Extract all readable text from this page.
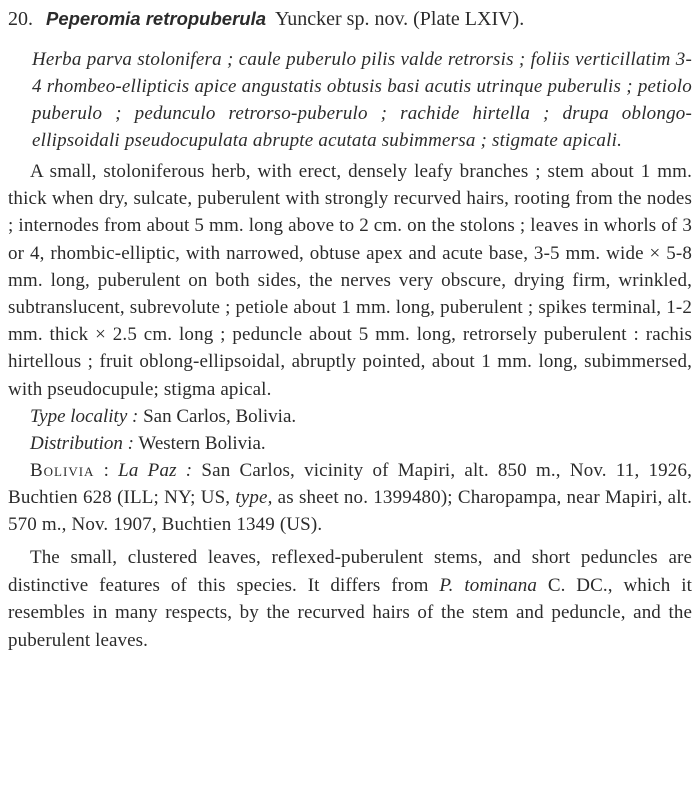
20. Peperomia retropuberula Yuncker sp. nov. (Plate LXIV).
Herba parva stolonifera ; caule puberulo pilis valde retrorsis ; foliis verticillatim 3-4 rhombeo-ellipticis apice angustatis obtusis basi acutis utrinque puberulis ; petiolo puberulo ; pedunculo retrorso-puberulo ; rachide hirtella ; drupa oblongo-ellipsoidali pseudocupulata abrupte acutata subimmersa ; stigmate apicali.
A small, stoloniferous herb, with erect, densely leafy branches ; stem about 1 mm. thick when dry, sulcate, puberulent with strongly recurved hairs, rooting from the nodes ; internodes from about 5 mm. long above to 2 cm. on the stolons ; leaves in whorls of 3 or 4, rhombic-elliptic, with narrowed, obtuse apex and acute base, 3-5 mm. wide × 5-8 mm. long, puberulent on both sides, the nerves very obscure, drying firm, wrinkled, subtranslucent, subrevolute ; petiole about 1 mm. long, puberulent ; spikes terminal, 1-2 mm. thick × 2.5 cm. long ; peduncle about 5 mm. long, retrorsely puberulent : rachis hirtellous ; fruit oblong-ellipsoidal, abruptly pointed, about 1 mm. long, subimmersed, with pseudocupule; stigma apical.
Type locality : San Carlos, Bolivia.
Distribution : Western Bolivia.
Bolivia : La Paz : San Carlos, vicinity of Mapiri, alt. 850 m., Nov. 11, 1926, Buchtien 628 (ILL; NY; US, type, as sheet no. 1399480); Charopampa, near Mapiri, alt. 570 m., Nov. 1907, Buchtien 1349 (US).
The small, clustered leaves, reflexed-puberulent stems, and short peduncles are distinctive features of this species. It differs from P. tominana C. DC., which it resembles in many respects, by the recurved hairs of the stem and peduncle, and the puberulent leaves.
